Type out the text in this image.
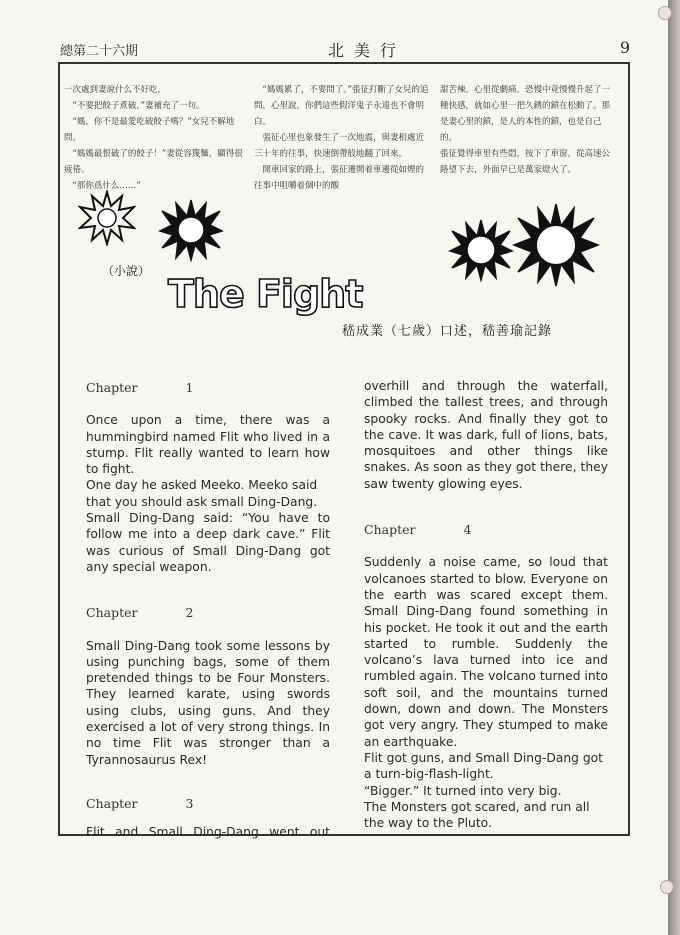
總第二十六期	北美行	9

一次處到妻說什么不好吃，

　“不要把餃子煮破，”妻補充了一句。

　“媽，你不是最愛吃破餃子嗎？”女兒不解地問。

　“媽媽最恨破了的餃子！”妻從容篾麵，顯得很疲倦。

　“那你爲什么……”

　“媽媽累了，不要問了。”張征打斷了女兒的追問，心里說，你們這些假洋鬼子永遠也不會明白。

　張征心里也象發生了一次地震，與妻相處近三十年的往事，快速倒帶般地翻了回來。

　開車回家的路上，張征邊開着車邊從如煙的往事中咀嚼着個中的酸

甜苦辣。心里從劇痛，恐慢中竟慢慢升起了一種快感，就如心里一把久銹的鎖在松動了。那是妻心里的鎖，是人的本性的鎖，也是自己的。

張征覺得車里有些悶，按下了車窗，從高速公路望下去，外面早已是萬家燈火了。

（小說）
The Fight
嵇成業（七歲）口述，嵇善瑜記錄
Chapter	1

Once upon a time, there was a hummingbird named Flit who lived in a stump. Flit really wanted to learn how to fight.

One day he asked Meeko. Meeko said that you should ask small Ding-Dang.

Small Ding-Dang said: “You have to follow me into a deep dark cave.” Flit was curious of Small Ding-Dang got any special weapon.

Chapter	2

Small Ding-Dang took some lessons by using punching bags, some of them pretended things to be Four Monsters. They learned karate, using swords using clubs, using guns. And they exercised a lot of very strong things. In no time Flit was stronger than a Tyrannosaurus Rex!

Chapter	3

Flit and Small Ding-Dang went out

overhill and through the waterfall, climbed the tallest trees, and through spooky rocks. And finally they got to the cave. It was dark, full of lions, bats, mosquitoes and other things like snakes. As soon as they got there, they saw twenty glowing eyes.

Chapter	4

Suddenly a noise came, so loud that volcanoes started to blow. Everyone on the earth was scared except them. Small Ding-Dang found something in his pocket. He took it out and the earth started to rumble. Suddenly the volcano’s lava turned into ice and rumbled again. The volcano turned into soft soil, and the mountains turned down, down and down. The Monsters got very angry. They stumped to make an earthquake.

Flit got guns, and Small Ding-Dang got a turn-big-flash-light.

“Bigger.” It turned into very big.

The Monsters got scared, and run all the way to the Pluto.
